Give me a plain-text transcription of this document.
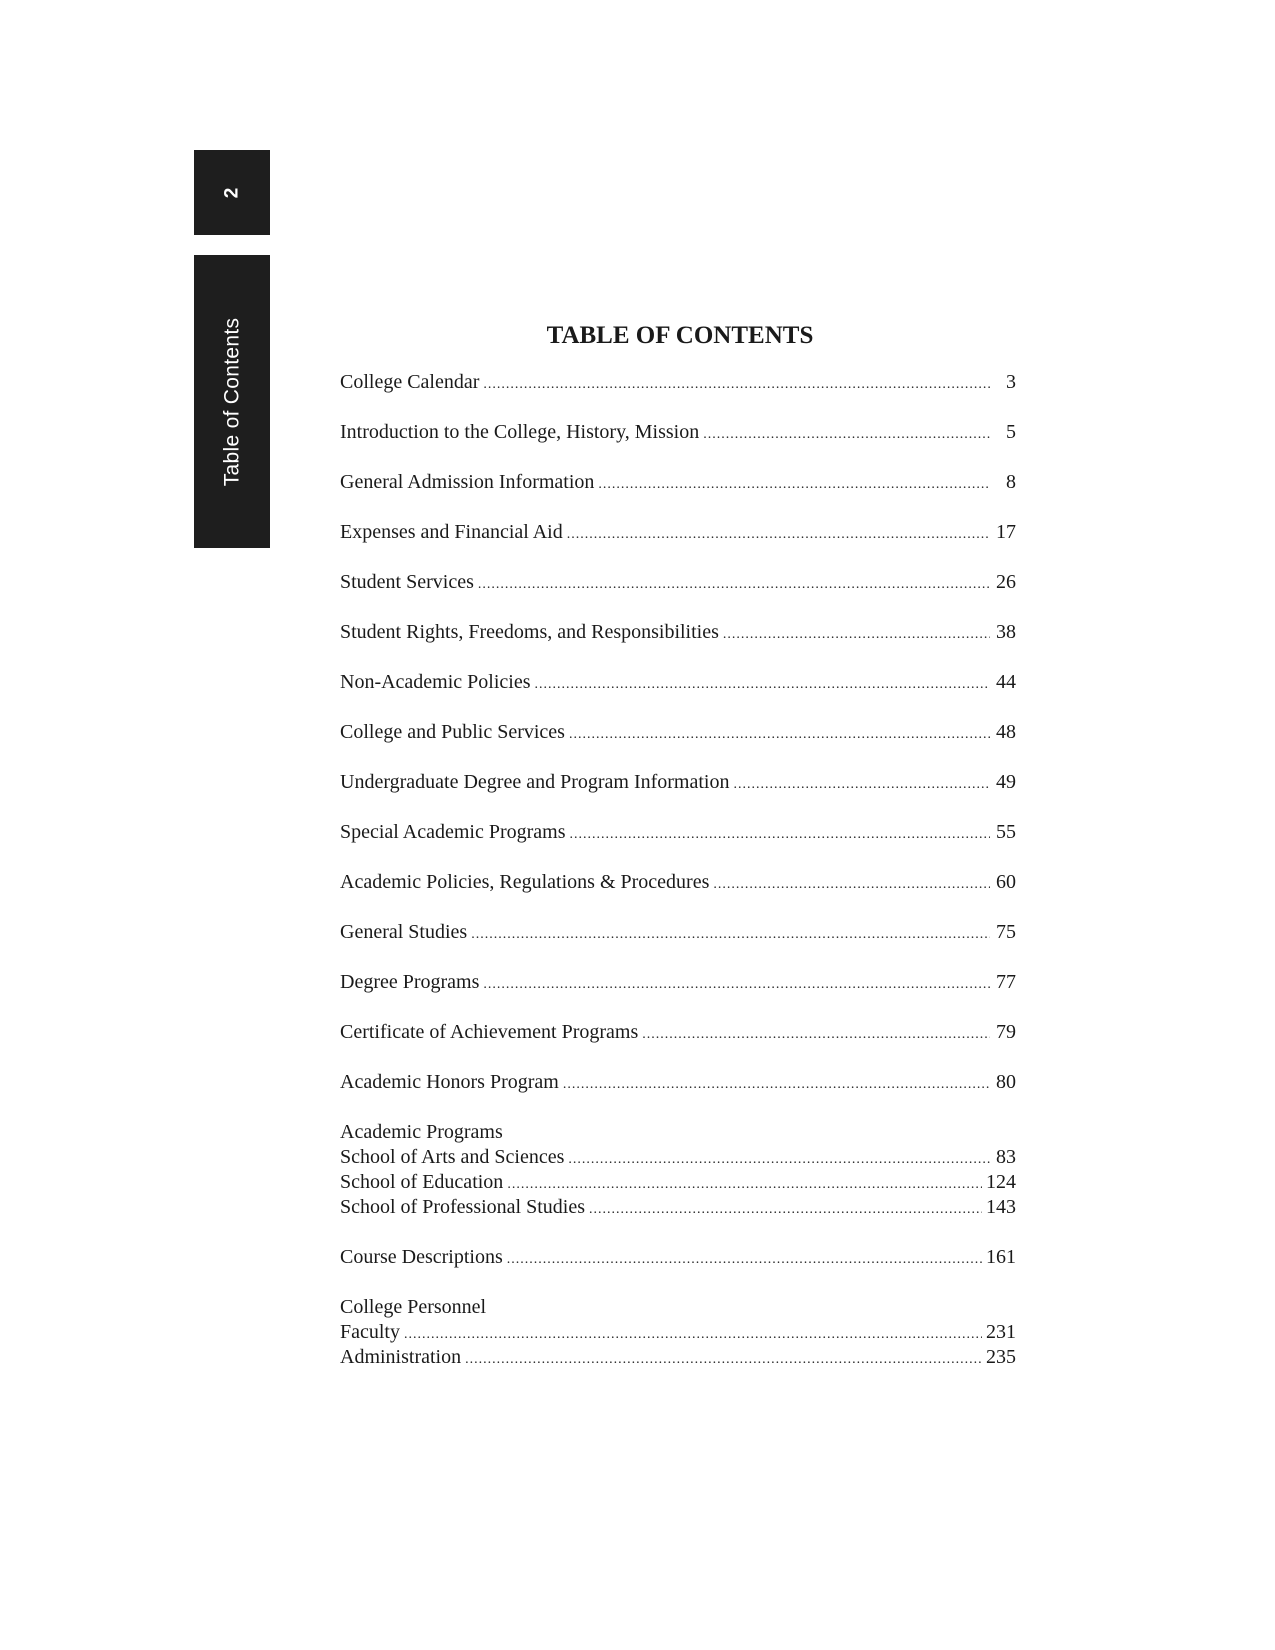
2
Table of Contents	TABLE OF CONTENTS
College Calendar .....	3
Introduction to the College, History, Mission .....	5
General Admission Information .....	8
Expenses and Financial Aid .....	17
Student Services .....	26
Student Rights, Freedoms, and Responsibilities .....	38
Non-Academic Policies .....	44
College and Public Services .....	48
Undergraduate Degree and Program Information .....	49
Special Academic Programs .....	55
Academic Policies, Regulations & Procedures .....	60
General Studies .....	75
Degree Programs .....	77
Certificate of Achievement Programs .....	79
Academic Honors Program .....	80
Academic Programs
School of Arts and Sciences .....	83
School of Education .....	124
School of Professional Studies .....	143
Course Descriptions .....	161
College Personnel
Faculty .....	231
Administration .....	235
